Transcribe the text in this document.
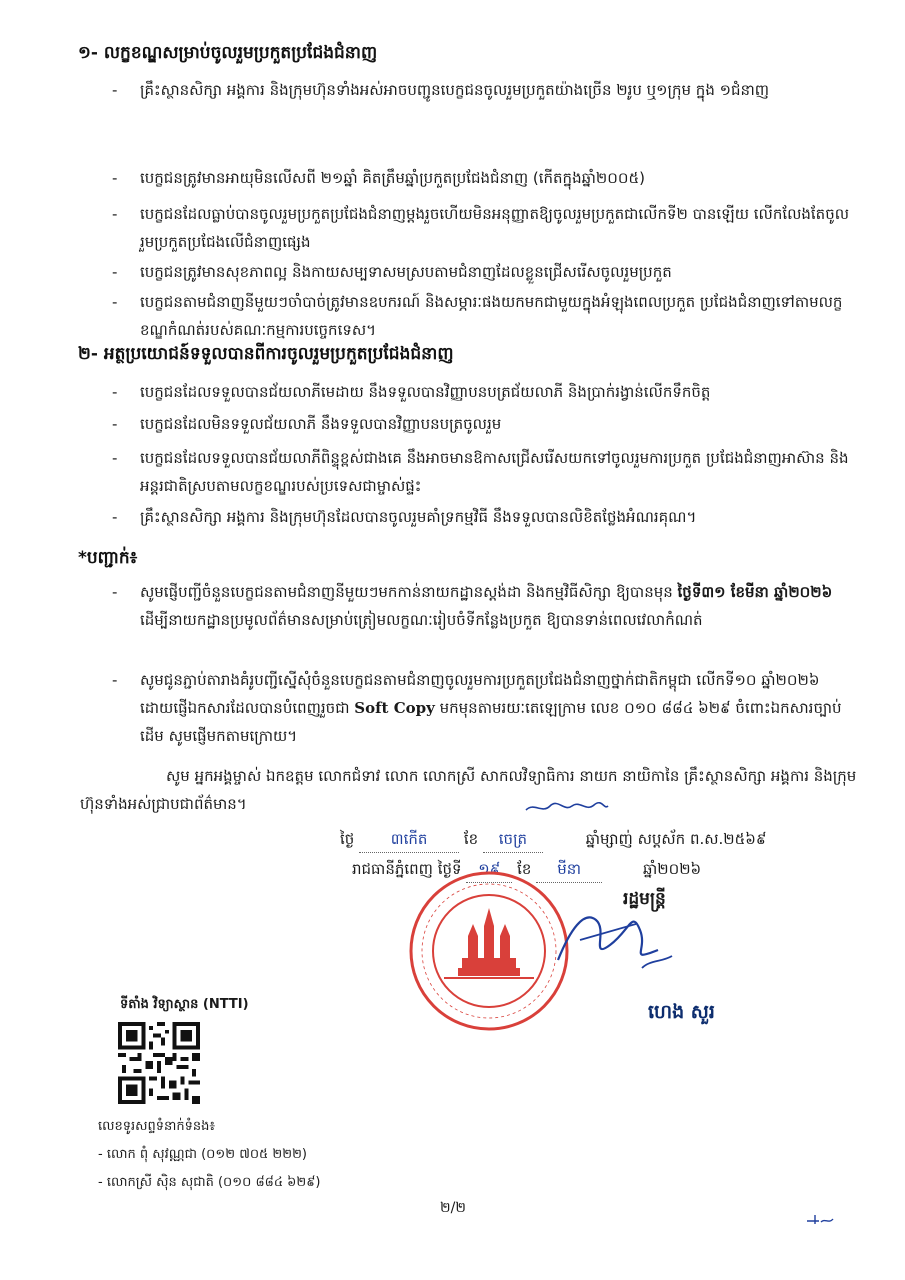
១- លក្ខខណ្ឌសម្រាប់ចូលរួមប្រកួតប្រជែងជំនាញ
-	គ្រឹះស្ថានសិក្សា អង្គការ និងក្រុមហ៊ុនទាំងអស់អាចបញ្ជូនបេក្ខជនចូលរួមប្រកួតយ៉ាងច្រើន ២រូប ឬ១ក្រុម ក្នុង ១ជំនាញ
-	បេក្ខជនត្រូវមានអាយុមិនលើសពី ២១ឆ្នាំ គិតត្រឹមឆ្នាំប្រកួតប្រជែងជំនាញ (កើតក្នុងឆ្នាំ២០០៥)
-	បេក្ខជនដែលធ្លាប់បានចូលរួមប្រកួតប្រជែងជំនាញម្តងរួចហើយមិនអនុញ្ញាតឱ្យចូលរួមប្រកួតជាលើកទី២ បានឡើយ លើកលែងតែចូលរួមប្រកួតប្រជែងលើជំនាញផ្សេង
-	បេក្ខជនត្រូវមានសុខភាពល្អ និងកាយសម្បទាសមស្របតាមជំនាញដែលខ្លួនជ្រើសរើសចូលរួមប្រកួត
-	បេក្ខជនតាមជំនាញនីមួយៗចាំបាច់ត្រូវមានឧបករណ៍ និងសម្ភារៈផងយកមកជាមួយក្នុងអំឡុងពេលប្រកួត ប្រជែងជំនាញទៅតាមលក្ខខណ្ឌកំណត់របស់គណៈកម្មការបច្ចេកទេស។
២- អត្ថប្រយោជន៍ទទួលបានពីការចូលរួមប្រកួតប្រជែងជំនាញ
-	បេក្ខជនដែលទទួលបានជ័យលាភីមេដាយ នឹងទទួលបានវិញ្ញាបនបត្រជ័យលាភី និងប្រាក់រង្វាន់លើកទឹកចិត្ត
-	បេក្ខជនដែលមិនទទួលជ័យលាភី នឹងទទួលបានវិញ្ញាបនបត្រចូលរួម
-	បេក្ខជនដែលទទួលបានជ័យលាភីពិន្ទុខ្ពស់ជាងគេ នឹងអាចមានឱកាសជ្រើសរើសយកទៅចូលរួមការប្រកួត ប្រជែងជំនាញអាស៊ាន និងអន្តរជាតិស្របតាមលក្ខខណ្ឌរបស់ប្រទេសជាម្ចាស់ផ្ទះ
-	គ្រឹះស្ថានសិក្សា អង្គការ និងក្រុមហ៊ុនដែលបានចូលរួមគាំទ្រកម្មវិធី នឹងទទួលបានលិខិតថ្លែងអំណរគុណ។
*បញ្ជាក់៖
-	សូមផ្ញើបញ្ជីចំនួនបេក្ខជនតាមជំនាញនីមួយៗមកកាន់នាយកដ្ឋានស្តង់ដា និងកម្មវិធីសិក្សា ឱ្យបានមុន ថ្ងៃទី៣១ ខែមីនា ឆ្នាំ២០២៦ ដើម្បីនាយកដ្ឋានប្រមូលព័ត៌មានសម្រាប់ត្រៀមលក្ខណៈរៀបចំទីកន្លែងប្រកួត ឱ្យបានទាន់ពេលវេលាកំណត់
-	សូមជូនភ្ជាប់តារាងគំរូបញ្ជីស្នើសុំចំនួនបេក្ខជនតាមជំនាញចូលរួមការប្រកួតប្រជែងជំនាញថ្នាក់ជាតិកម្ពុជា លើកទី១០ ឆ្នាំ២០២៦ ដោយផ្ញើឯកសារដែលបានបំពេញរួចជា Soft Copy មកមុនតាមរយៈតេឡេក្រាម លេខ ០១០ ៨៨៤ ៦២៩ ចំពោះឯកសារច្បាប់ដើម សូមផ្ញើមកតាមក្រោយ។
សូម អ្នកអង្គម្ចាស់ ឯកឧត្តម លោកជំទាវ លោក លោកស្រី សាកលវិទ្យាធិការ នាយក នាយិកានៃ គ្រឹះស្ថានសិក្សា អង្គការ និងក្រុមហ៊ុនទាំងអស់ជ្រាបជាព័ត៌មាន។
ថ្ងៃ ៣កើត ខែ ចេត្រ	ឆ្នាំម្សាញ់ សប្តស័ក ព.ស.២៥៦៩
រាជធានីភ្នំពេញ ថ្ងៃទី ១៩ ខែ មីនា	ឆ្នាំ២០២៦
រដ្ឋមន្ត្រី
ហេង សួរ
ទីតាំង វិទ្យាស្ថាន (NTTI)
លេខទូរសព្ទទំនាក់ទំនង៖
- លោក ពុំ សុវណ្ណជា (០១២ ៧០៥ ២២២)
- លោកស្រី ស៊ិន សុជាតិ (០១០ ៨៨៤ ៦២៩)
២/២
